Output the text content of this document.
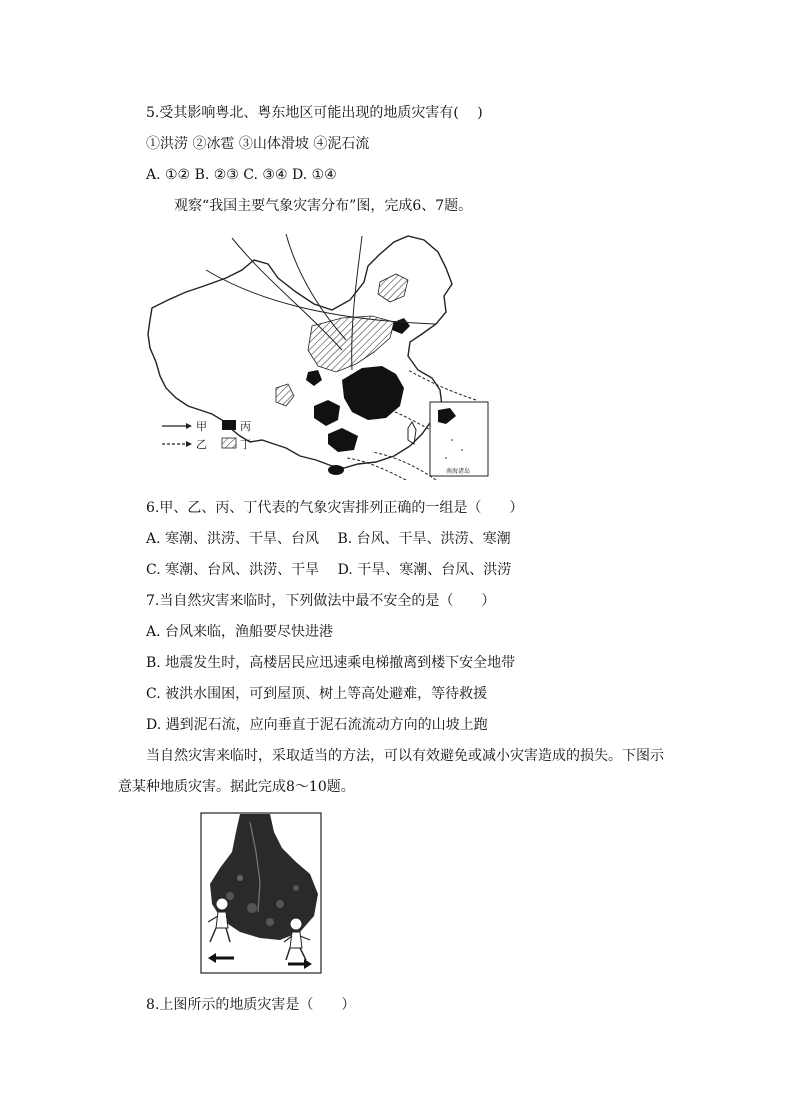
5.受其影响粤北、粤东地区可能出现的地质灾害有(　 )
①洪涝 ②冰雹 ③山体滑坡 ④泥石流
A. ①② B. ②③ C. ③④ D. ①④
观察“我国主要气象灾害分布”图，完成6、7题。
南海诸岛
甲	丙
乙	丁
6.甲、乙、丙、丁代表的气象灾害排列正确的一组是（　　）
A. 寒潮、洪涝、干旱、台风　 B. 台风、干旱、洪涝、寒潮
C. 寒潮、台风、洪涝、干旱　 D. 干旱、寒潮、台风、洪涝
7.当自然灾害来临时，下列做法中最不安全的是（　　）
A. 台风来临，渔船要尽快进港
B. 地震发生时，高楼居民应迅速乘电梯撤离到楼下安全地带
C. 被洪水围困，可到屋顶、树上等高处避难，等待救援
D. 遇到泥石流，应向垂直于泥石流流动方向的山坡上跑
当自然灾害来临时，采取适当的方法，可以有效避免或减小灾害造成的损失。下图示
意某种地质灾害。据此完成8～10题。
8.上图所示的地质灾害是（　　）
